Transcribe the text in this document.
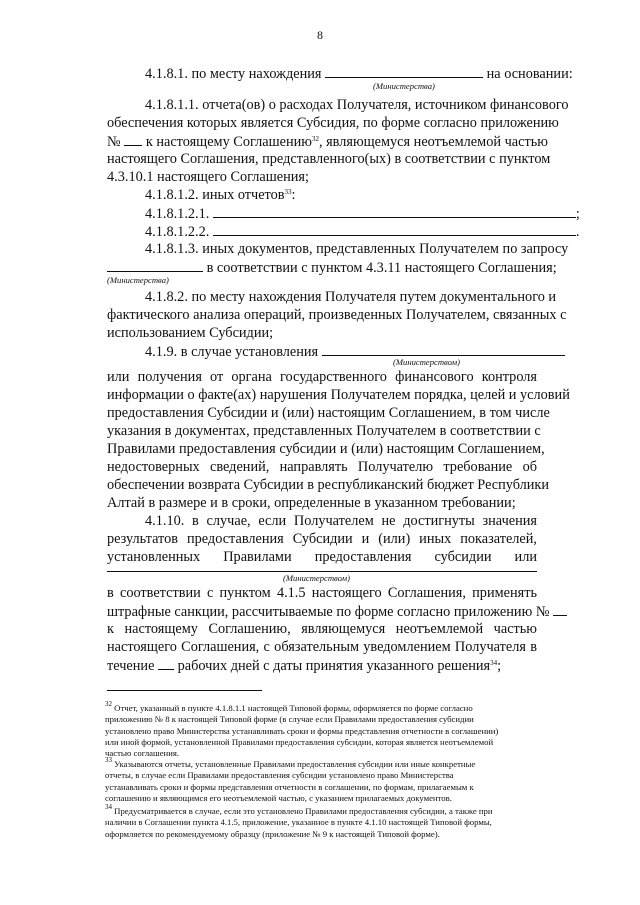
8
4.1.8.1. по месту нахождения	на основании:
(Министерства)
4.1.8.1.1. отчета(ов) о расходах Получателя, источником финансового
обеспечения которых является Субсидия, по форме согласно приложению
№ к настоящему Соглашению$^{32}$, являющемуся неотъемлемой частью
настоящего Соглашения, представленного(ых) в соответствии с пунктом
4.3.10.1 настоящего Соглашения;
4.1.8.1.2. иных отчетов$^{33}$:
4.1.8.1.2.1.	;
4.1.8.1.2.2.	.
4.1.8.1.3. иных документов, представленных Получателем по запросу
в соответствии с пунктом 4.3.11 настоящего Соглашения;
(Министерства)
4.1.8.2. по месту нахождения Получателя путем документального и
фактического анализа операций, произведенных Получателем, связанных с
использованием Субсидии;
4.1.9. в случае установления
(Министерством)
или получения от органа государственного финансового контроля
информации о факте(ах) нарушения Получателем порядка, целей и условий
предоставления Субсидии и (или) настоящим Соглашением, в том числе
указания в документах, представленных Получателем в соответствии с
Правилами предоставления субсидии и (или) настоящим Соглашением,
недостоверных сведений, направлять Получателю требование об
обеспечении возврата Субсидии в республиканский бюджет Республики
Алтай в размере и в сроки, определенные в указанном требовании;
4.1.10. в случае, если Получателем не достигнуты значения
результатов предоставления Субсидии и (или) иных показателей,
установленных Правилами предоставления субсидии или
(Министерством)
в соответствии с пунктом 4.1.5 настоящего Соглашения, применять
штрафные санкции, рассчитываемые по форме согласно приложению №
к настоящему Соглашению, являющемуся неотъемлемой частью
настоящего Соглашения, с обязательным уведомлением Получателя в
течение рабочих дней с даты принятия указанного решения$^{34}$;
$^{32}$ Отчет, указанный в пункте 4.1.8.1.1 настоящей Типовой формы, оформляется по форме согласно
приложению № 8 к настоящей Типовой форме (в случае если Правилами предоставления субсидии
установлено право Министерства устанавливать сроки и формы представления отчетности в соглашении)
или иной формой, установленной Правилами предоставления субсидии, которая является неотъемлемой
частью соглашения.
$^{33}$ Указываются отчеты, установленные Правилами предоставления субсидии или иные конкретные
отчеты, в случае если Правилами предоставления субсидии установлено право Министерства
устанавливать сроки и формы представления отчетности в соглашении, по формам, прилагаемым к
соглашению и являющимся его неотъемлемой частью, с указанием прилагаемых документов.
$^{34}$ Предусматривается в случае, если это установлено Правилами предоставления субсидии, а также при
наличии в Соглашении пункта 4.1.5, приложение, указанное в пункте 4.1.10 настоящей Типовой формы,
оформляется по рекомендуемому образцу (приложение № 9 к настоящей Типовой форме).
